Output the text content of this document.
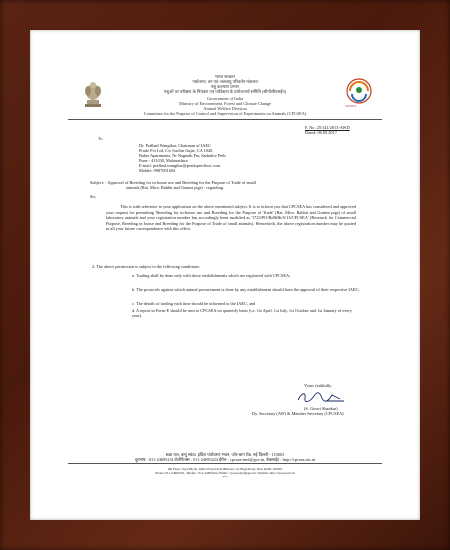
भारत सरकार
पर्यावरण, वन एवं जलवायु परिवर्तन मंत्रालय
पशु कल्याण प्रभाग
पशुओं पर परीक्षण के नियंत्रण एवं पर्यवेक्षण के प्रयोजनार्थ समिति (सीपीसीएसईए)
Government of India
Ministry of Environment, Forest and Climate Change
Animal Welfare Division
Committee for the Purpose of Control and Supervision of Experiments on Animals (CPCSEA)
CPCSEA
F. No. 25/141/2013-AWD
Dated: 06.05.2017
To
Dr. Pralhad Wangikar, Chairman of IAEC
Prado Pvt Ltd, C/o Sachin Gujar, CA 1040,
Baher Apartments, Nr Nagnath Par, Sadashiv Peth,
Pune - 411030, Maharashtra
E-mail: pralhad.wangikar@pradopreclinic.com
Mobile: 9987001604
Subject: - Approval of Breeding for in-house use and Breeding for the Purpose of Trade of small
animals (Rat, Mice, Rabbit and Guinea pigs) - regarding.
Sir,
This is with reference to your application on the above mentioned subject. It is to inform you that CPCSEA has considered and approved your request for permitting 'Breeding for in-house use and Breeding for the Purpose of Trade' (Rat, Mice, Rabbit and Guinea pigs) of small laboratory animals and your registration number has accordingly been modified as '1723/PO/ReBiBt/S/13/CPCSEA' (Research for Commercial Purpose, Breeding in house and Breeding for the Purpose of Trade of small animals). Henceforth, the above registration number may be quoted in all your future correspondence with this office.
2. The above permission is subject to the following conditions:
a. Trading shall be done only with those establishments which are registered with CPCSEA;
b. The protocols against which animal procurement is done by any establishment should have the approval of their respective IAEC;
c. The details of trading each time should be informed to the IAEC; and
d. A report in Form-E should be sent to CPCSEA on quarterly basis (i.e. 1st April, 1st July, 1st October and 1st January of every year).
Yours faithfully,
(S. Gowri Shankar)
Dy. Secretary (AW) & Member Secretary (CPCSEA)
छठा तल, वायु स्कंध, इंदिरा पर्यावरण भवन, जोर बाग रोड, नई दिल्ली - 110003
दूरभाष : 011-24695231/टेलीफैक्स : 011-24695424 ईमेल : cpcsea-mef@gov.in, वेबसाईट : http://cpcsea.nic.in
6th Floor, Vayu Block, Indira Paryavaran Bhawan, Jor Bagh Road, New Delhi-110003
Phone: 011-24695231, Telefax : 011-24695424, Email : cpcsea-mef@gov.in, Website: http://cpcsea.nic.in
***
